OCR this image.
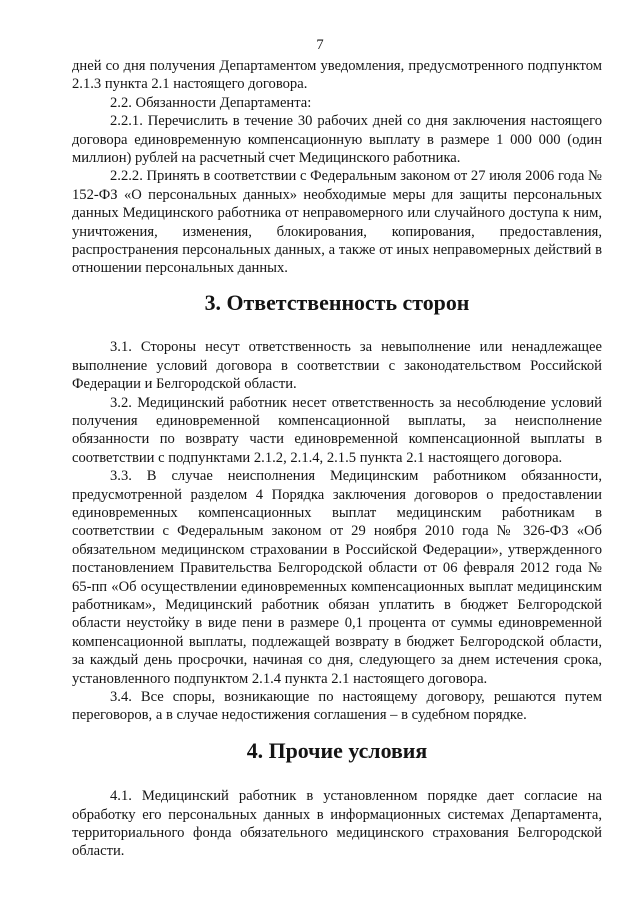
7

дней со дня получения Департаментом уведомления, предусмотренного подпунктом 2.1.3 пункта 2.1 настоящего договора.

2.2. Обязанности Департамента:

2.2.1. Перечислить в течение 30 рабочих дней со дня заключения настоящего договора единовременную компенсационную выплату в размере 1 000 000 (один миллион) рублей на расчетный счет Медицинского работника.

2.2.2. Принять в соответствии с Федеральным законом от 27 июля 2006 года № 152-ФЗ «О персональных данных» необходимые меры для защиты персональных данных Медицинского работника от неправомерного или случайного доступа к ним, уничтожения, изменения, блокирования, копирования, предоставления, распространения персональных данных, а также от иных неправомерных действий в отношении персональных данных.

3. Ответственность сторон

3.1. Стороны несут ответственность за невыполнение или ненадлежащее выполнение условий договора в соответствии с законодательством Российской Федерации и Белгородской области.

3.2. Медицинский работник несет ответственность за несоблюдение условий получения единовременной компенсационной выплаты, за неисполнение обязанности по возврату части единовременной компенсационной выплаты в соответствии с подпунктами 2.1.2, 2.1.4, 2.1.5 пункта 2.1 настоящего договора.

3.3. В случае неисполнения Медицинским работником обязанности, предусмотренной разделом 4 Порядка заключения договоров о предоставлении единовременных компенсационных выплат медицинским работникам в соответствии с Федеральным законом от 29 ноября 2010 года № 326-ФЗ «Об обязательном медицинском страховании в Российской Федерации», утвержденного постановлением Правительства Белгородской области от 06 февраля 2012 года № 65-пп «Об осуществлении единовременных компенсационных выплат медицинским работникам», Медицинский работник обязан уплатить в бюджет Белгородской области неустойку в виде пени в размере 0,1 процента от суммы единовременной компенсационной выплаты, подлежащей возврату в бюджет Белгородской области, за каждый день просрочки, начиная со дня, следующего за днем истечения срока, установленного подпунктом 2.1.4 пункта 2.1 настоящего договора.

3.4. Все споры, возникающие по настоящему договору, решаются путем переговоров, а в случае недостижения соглашения – в судебном порядке.

4. Прочие условия

4.1. Медицинский работник в установленном порядке дает согласие на обработку его персональных данных в информационных системах Департамента, территориального фонда обязательного медицинского страхования Белгородской области.
